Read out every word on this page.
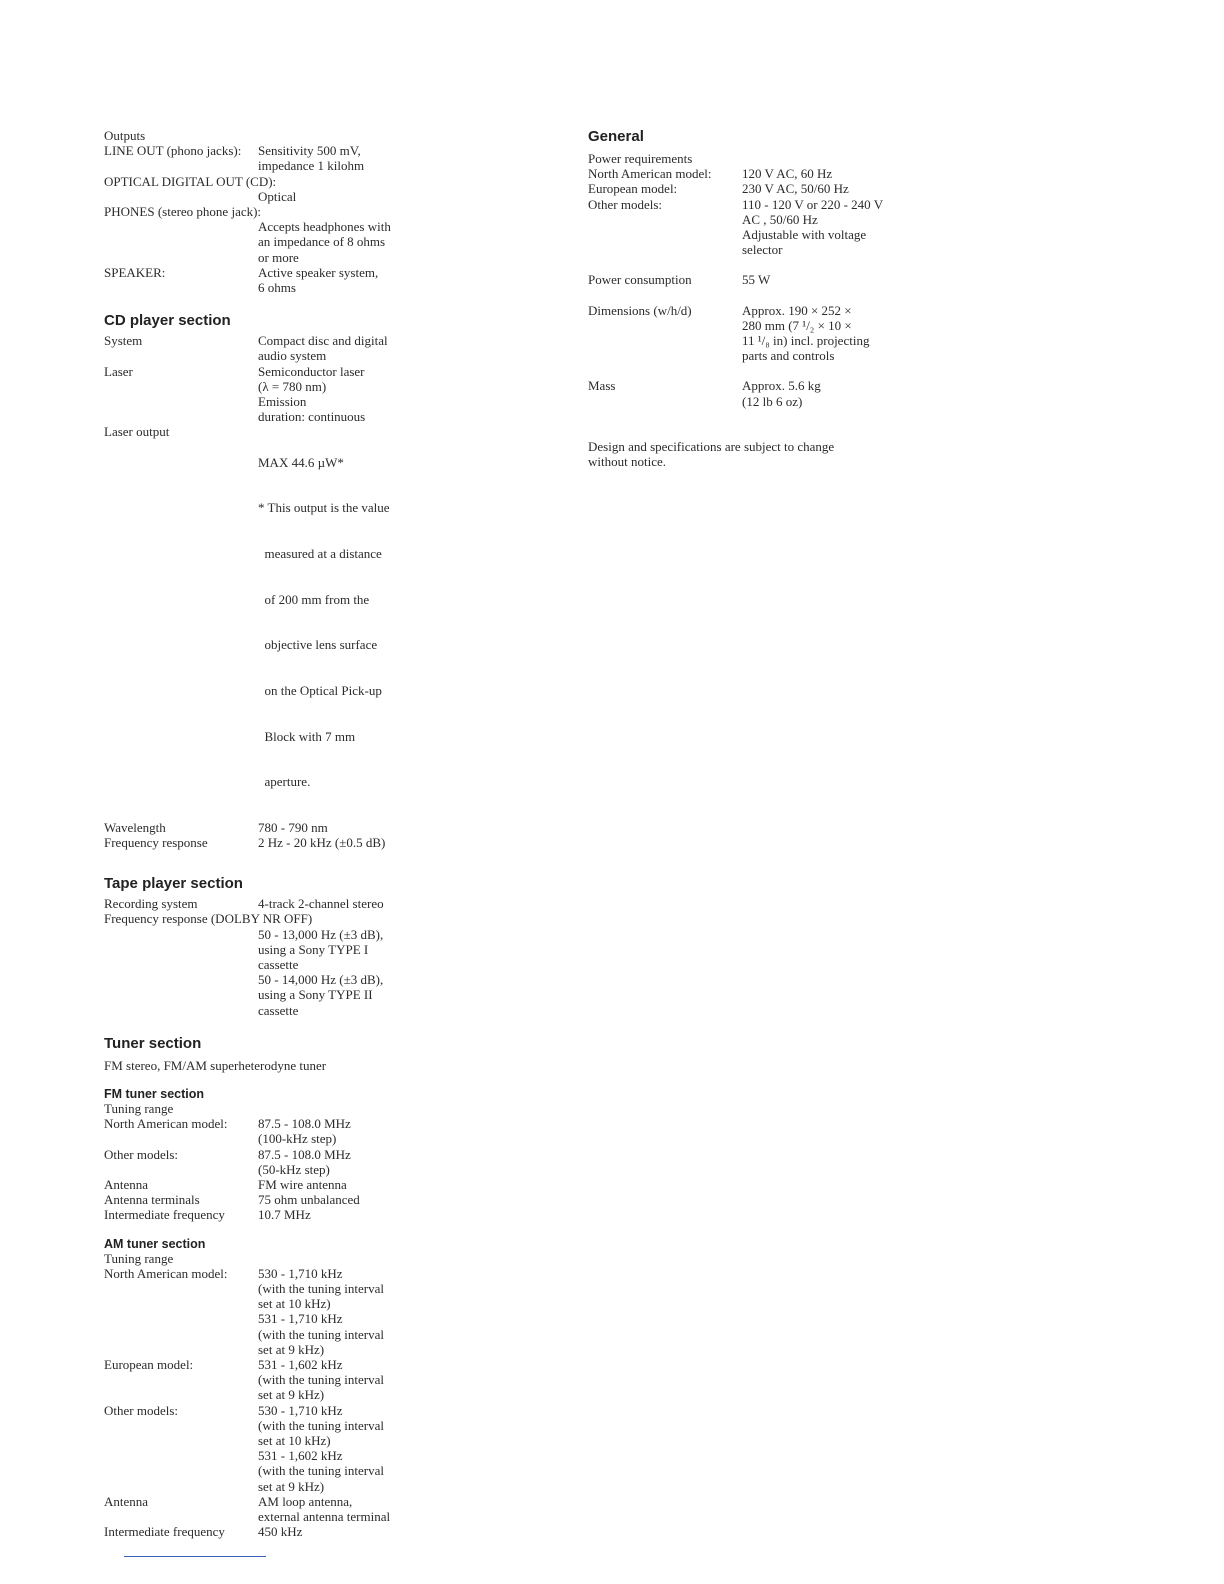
Outputs
LINE OUT (phono jacks):	Sensitivity 500 mV,
impedance 1 kilohm
OPTICAL DIGITAL OUT (CD):
Optical
PHONES (stereo phone jack):
Accepts headphones with
an impedance of 8 ohms
or more
SPEAKER:	Active speaker system,
6 ohms
CD player section
System	Compact disc and digital
audio system
Laser	Semiconductor laser
(λ = 780 nm)
Emission
duration: continuous
Laser output

MAX 44.6 µW*

* This output is the value

measured at a distance

of 200 mm from the

objective lens surface

on the Optical Pick-up

Block with 7 mm

aperture.

Wavelength	780 - 790 nm
Frequency response	2 Hz - 20 kHz (±0.5 dB)
Tape player section
Recording system	4-track 2-channel stereo
Frequency response (DOLBY NR OFF)
50 - 13,000 Hz (±3 dB),
using a Sony TYPE I
cassette
50 - 14,000 Hz (±3 dB),
using a Sony TYPE II
cassette
Tuner section
FM stereo, FM/AM superheterodyne tuner
FM tuner section
Tuning range
North American model:	87.5 - 108.0 MHz
(100-kHz step)
Other models:	87.5 - 108.0 MHz
(50-kHz step)
Antenna	FM wire antenna
Antenna terminals	75 ohm unbalanced
Intermediate frequency	10.7 MHz
AM tuner section
Tuning range
North American model:	530 - 1,710 kHz
(with the tuning interval
set at 10 kHz)
531 - 1,710 kHz
(with the tuning interval
set at 9 kHz)
European model:	531 - 1,602 kHz
(with the tuning interval
set at 9 kHz)
Other models:	530 - 1,710 kHz
(with the tuning interval
set at 10 kHz)
531 - 1,602 kHz
(with the tuning interval
set at 9 kHz)
Antenna	AM loop antenna,
external antenna terminal
Intermediate frequency	450 kHz
General
Power requirements
North American model:	120 V AC, 60 Hz
European model:	230 V AC, 50/60 Hz
Other models:	110 - 120 V or 220 - 240 V
AC , 50/60 Hz
Adjustable with voltage
selector
Power consumption	55 W
Dimensions (w/h/d)	Approx. 190 × 252 ×
280 mm (7 ¹/₂ × 10 ×
11 ¹/₈ in) incl. projecting
parts and controls
Mass	Approx. 5.6 kg
(12 lb 6 oz)
Design and specifications are subject to change
without notice.
